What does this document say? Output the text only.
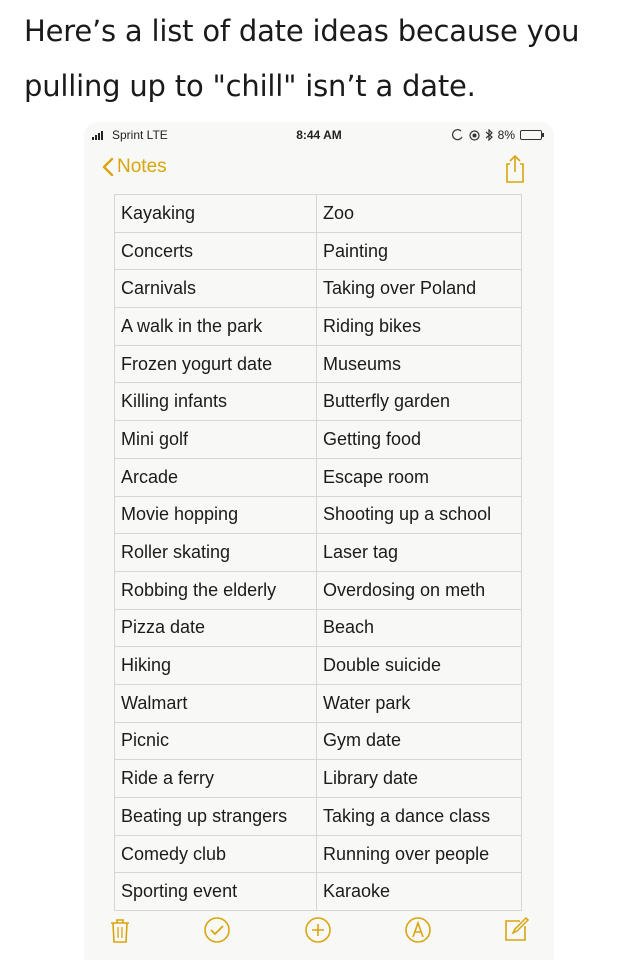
Here’s a list of date ideas because you
pulling up to "chill" isn’t a date.
Sprint LTE	8:44 AM	8%
Notes
Kayaking	Zoo
Concerts	Painting
Carnivals	Taking over Poland
A walk in the park	Riding bikes
Frozen yogurt date	Museums
Killing infants	Butterfly garden
Mini golf	Getting food
Arcade	Escape room
Movie hopping	Shooting up a school
Roller skating	Laser tag
Robbing the elderly	Overdosing on meth
Pizza date	Beach
Hiking	Double suicide
Walmart	Water park
Picnic	Gym date
Ride a ferry	Library date
Beating up strangers	Taking a dance class
Comedy club	Running over people
Sporting event	Karaoke
